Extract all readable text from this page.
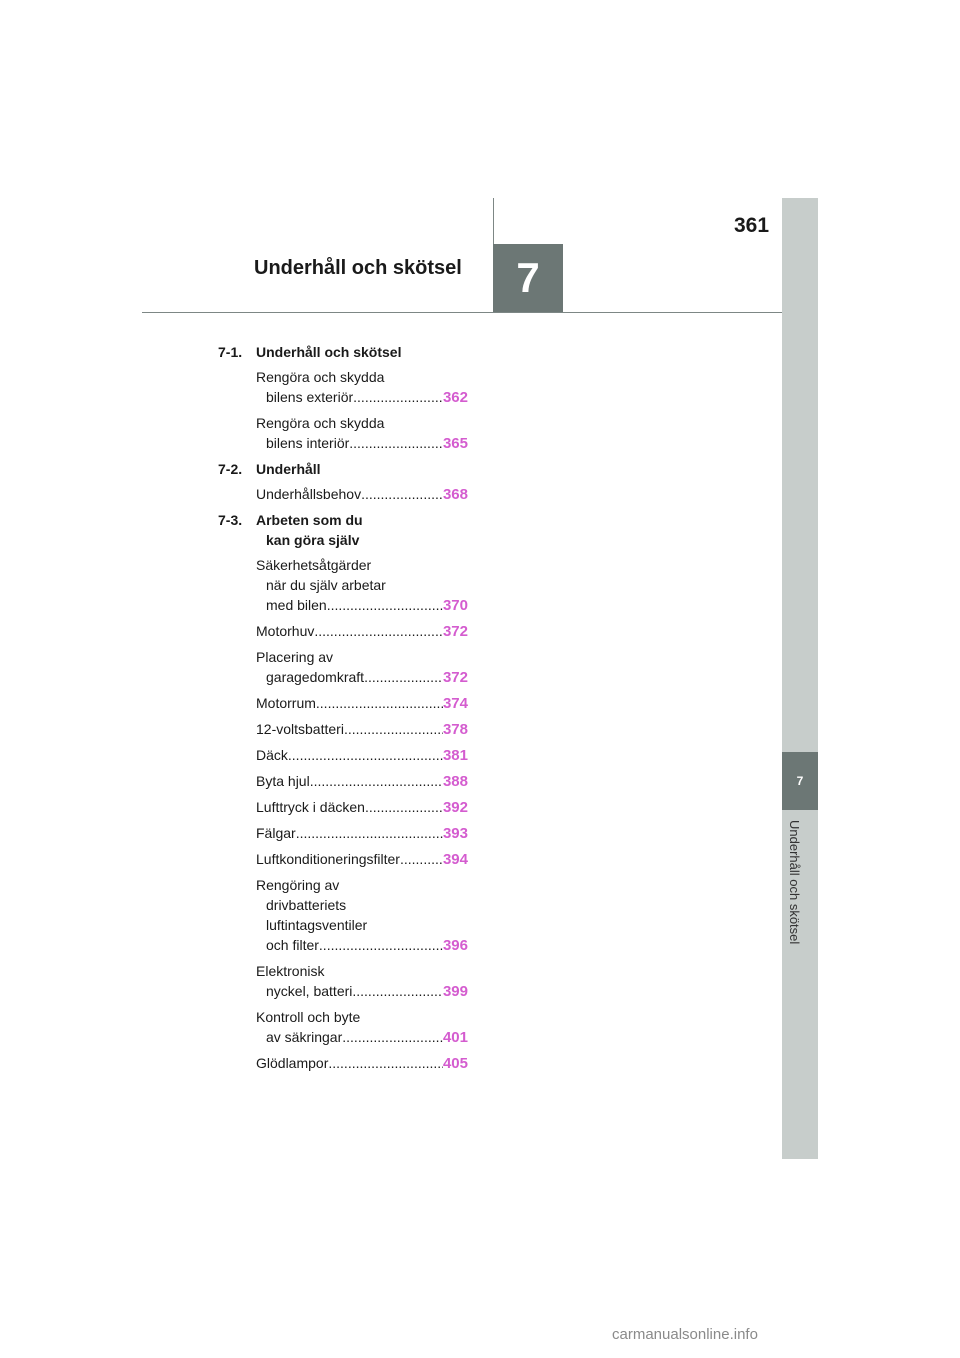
361
Underhåll och skötsel	7
7
Underhåll och skötsel
7-1. Underhåll och skötsel
Rengöra och skydda
bilens exteriör .....	362
Rengöra och skydda
bilens interiör .....	365
7-2. Underhåll
Underhållsbehov .....	368
7-3. Arbeten som du
kan göra själv
Säkerhetsåtgärder
när du själv arbetar
med bilen .....	370
Motorhuv .....	372
Placering av
garagedomkraft .....	372
Motorrum .....	374
12-voltsbatteri .....	378
Däck .....	381
Byta hjul .....	388
Lufttryck i däcken .....	392
Fälgar .....	393
Luftkonditioneringsfilter .....	394
Rengöring av
drivbatteriets
luftintagsventiler
och filter .....	396
Elektronisk
nyckel, batteri .....	399
Kontroll och byte
av säkringar .....	401
Glödlampor .....	405
carmanualsonline.info
